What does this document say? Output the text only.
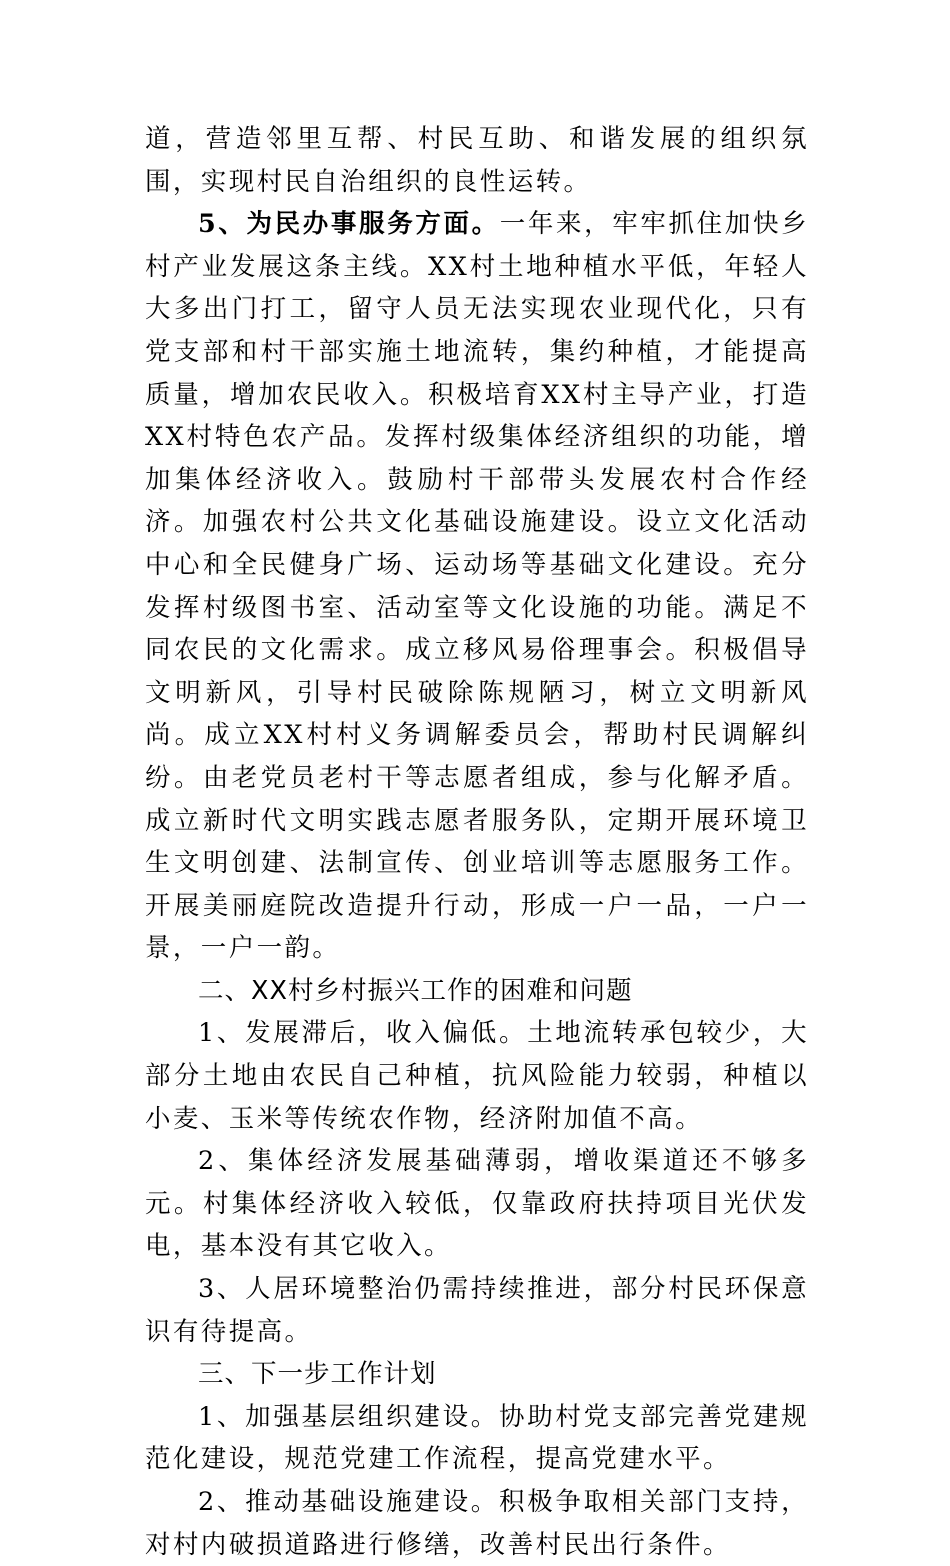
道，营造邻里互帮、村民互助、和谐发展的组织氛围，实现村民自治组织的良性运转。

5、为民办事服务方面。一年来，牢牢抓住加快乡村产业发展这条主线。XX村土地种植水平低，年轻人大多出门打工，留守人员无法实现农业现代化，只有党支部和村干部实施土地流转，集约种植，才能提高质量，增加农民收入。积极培育XX村主导产业，打造XX村特色农产品。发挥村级集体经济组织的功能，增加集体经济收入。鼓励村干部带头发展农村合作经济。加强农村公共文化基础设施建设。设立文化活动中心和全民健身广场、运动场等基础文化建设。充分发挥村级图书室、活动室等文化设施的功能。满足不同农民的文化需求。成立移风易俗理事会。积极倡导文明新风，引导村民破除陈规陋习，树立文明新风尚。成立XX村村义务调解委员会，帮助村民调解纠纷。由老党员老村干等志愿者组成，参与化解矛盾。成立新时代文明实践志愿者服务队，定期开展环境卫生文明创建、法制宣传、创业培训等志愿服务工作。开展美丽庭院改造提升行动，形成一户一品，一户一景，一户一韵。

二、XX村乡村振兴工作的困难和问题

1、发展滞后，收入偏低。土地流转承包较少，大部分土地由农民自己种植，抗风险能力较弱，种植以小麦、玉米等传统农作物，经济附加值不高。

2、集体经济发展基础薄弱，增收渠道还不够多元。村集体经济收入较低，仅靠政府扶持项目光伏发电，基本没有其它收入。

3、人居环境整治仍需持续推进，部分村民环保意识有待提高。

三、下一步工作计划

1、加强基层组织建设。协助村党支部完善党建规范化建设，规范党建工作流程，提高党建水平。

2、推动基础设施建设。积极争取相关部门支持，对村内破损道路进行修缮，改善村民出行条件。
